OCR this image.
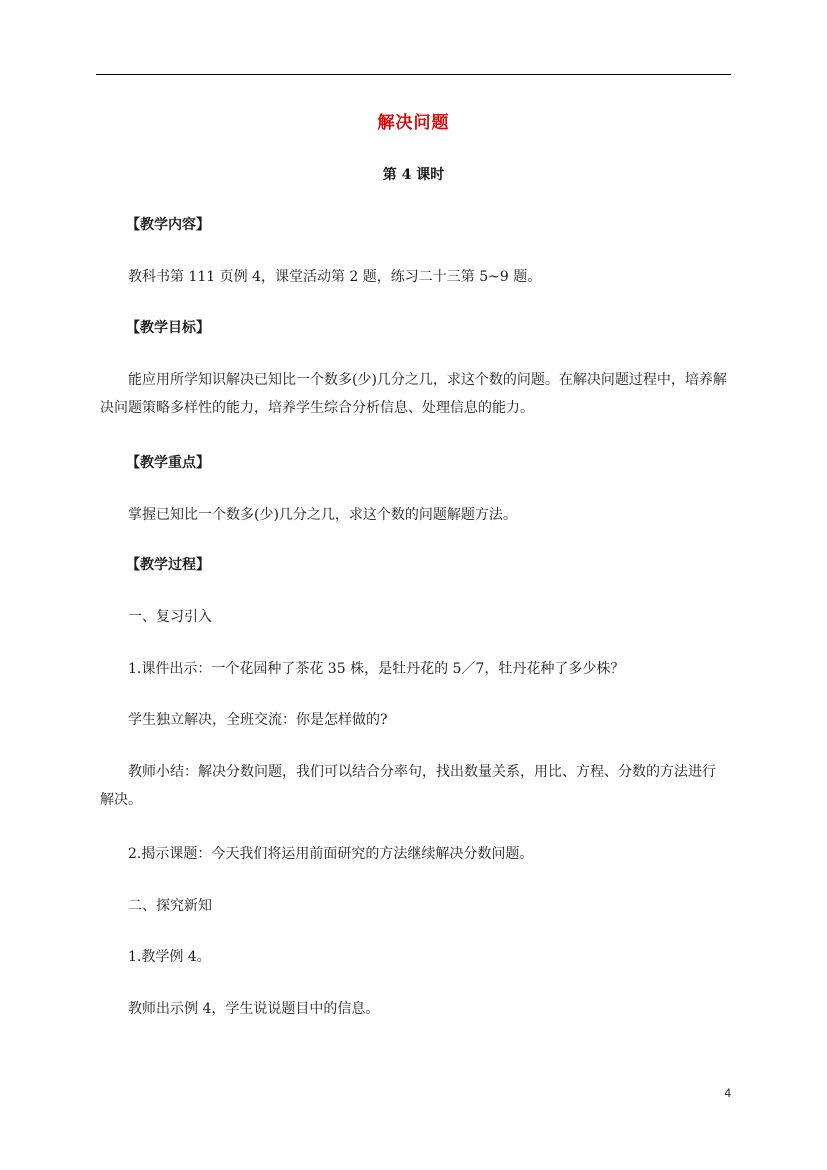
解决问题
第 4 课时

【教学内容】

教科书第 111 页例 4，课堂活动第 2 题，练习二十三第 5~9 题。

【教学目标】

能应用所学知识解决已知比一个数多(少)几分之几，求这个数的问题。在解决问题过程中，培养解决问题策略多样性的能力，培养学生综合分析信息、处理信息的能力。

【教学重点】

掌握已知比一个数多(少)几分之几，求这个数的问题解题方法。

【教学过程】

一、复习引入

1.课件出示：一个花园种了茶花 35 株，是牡丹花的 5／7，牡丹花种了多少株？

学生独立解决，全班交流：你是怎样做的?

教师小结：解决分数问题，我们可以结合分率句，找出数量关系，用比、方程、分数的方法进行解决。

2.揭示课题：今天我们将运用前面研究的方法继续解决分数问题。

二、探究新知

1.教学例 4。

教师出示例 4，学生说说题目中的信息。

4
